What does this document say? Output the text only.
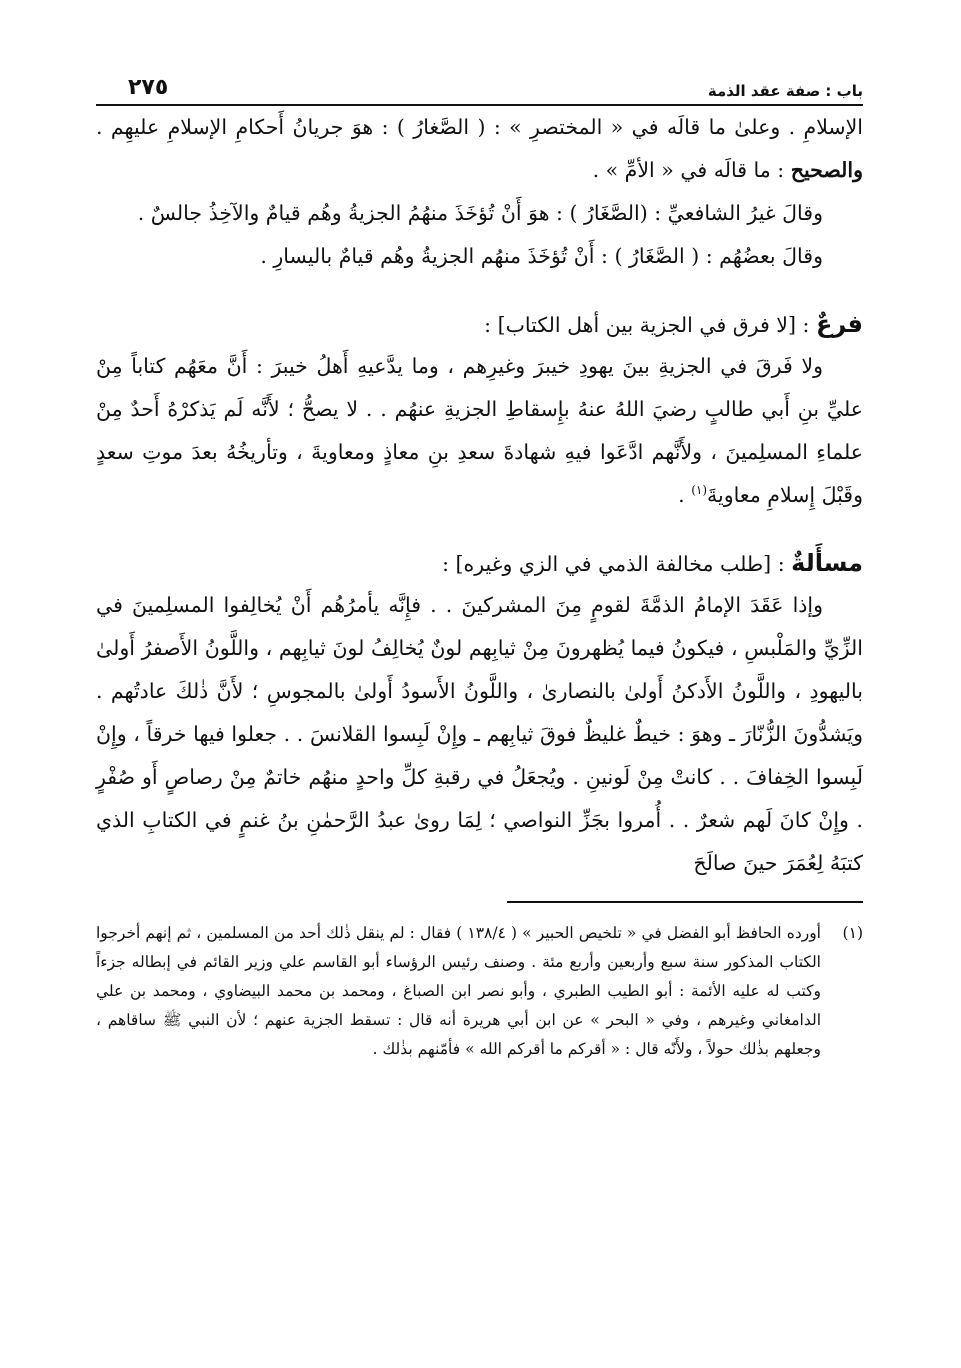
باب : صفة عقد الذمة
٢٧٥

الإسلامِ . وعلىٰ ما قالَه في « المختصرِ » : ( الصَّغارُ ) : هوَ جريانُ أَحكامِ الإسلامِ عليهِم . والصحيح : ما قالَه في « الأمِّ » .

وقالَ غيرُ الشافعيِّ : (الصَّغَارُ ) : هوَ أَنْ تُؤخَذَ منهُمُ الجزيةُ وهُم قيامٌ والآخِذُ جالسٌ .

وقالَ بعضُهُم : ( الصَّغَارُ ) : أَنْ تُؤخَذَ منهُم الجزيةُ وهُم قيامٌ باليسارِ .

فرعٌ : [لا فرق في الجزية بين أهل الكتاب] :

ولا فَرقَ في الجزيةِ بينَ يهودِ خيبرَ وغيرِهم ، وما يدَّعيهِ أَهلُ خيبرَ : أَنَّ معَهُم كتاباً مِنْ عليِّ بنِ أَبي طالبٍ رضيَ اللهُ عنهُ بإِسقاطِ الجزيةِ عنهُم . . لا يصحُّ ؛ لأَنَّه لَم يَذكرْهُ أَحدٌ مِنْ علماءِ المسلِمينَ ، ولأَنَّهم ادَّعَوا فيهِ شهادةَ سعدِ بنِ معاذٍ ومعاويةَ ، وتأريخُهُ بعدَ موتِ سعدٍ وقَبْلَ إِسلامِ معاويةَ$^{(١)}$ .

مسأَلةٌ : [طلب مخالفة الذمي في الزي وغيره] :

وإذا عَقَدَ الإمامُ الذمَّةَ لقومٍ مِنَ المشركينَ . . فإِنَّه يأمرُهُم أَنْ يُخالِفوا المسلِمينَ في الزِّيِّ والمَلْبسِ ، فيكونُ فيما يُظهرونَ مِنْ ثيابِهم لونٌ يُخالِفُ لونَ ثيابِهم ، واللَّونُ الأَصفرُ أَولىٰ باليهودِ ، واللَّونُ الأَدكنُ أَولىٰ بالنصارىٰ ، واللَّونُ الأَسودُ أَولىٰ بالمجوسِ ؛ لأَنَّ ذٰلكَ عادتُهم . ويَشدُّونَ الزُّنّارَ ـ وهوَ : خيطٌ غليظٌ فوقَ ثيابِهم ـ وإِنْ لَبِسوا القلانسَ . . جعلوا فيها خرقاً ، وإِنْ لَبِسوا الخِفافَ . . كانتْ مِنْ لَونينِ . ويُجعَلُ في رقبةِ كلِّ واحدٍ منهُم خاتمٌ مِنْ رصاصٍ أَو صُفْرٍ . وإِنْ كانَ لَهم شعرٌ . . أُمروا بجَزِّ النواصي ؛ لِمَا روىٰ عبدُ الرَّحمٰنِ بنُ غنمٍ في الكتابِ الذي كتبَهُ لِعُمَرَ حينَ صالَحَ

(١)
أورده الحافظ أبو الفضل في « تلخيص الحبير » ( ١٣٨/٤ ) فقال : لم ينقل ذٰلك أحد من المسلمين ، ثم إنهم أخرجوا الكتاب المذكور سنة سبع وأربعين وأربع مئة . وصنف رئيس الرؤساء أبو القاسم علي وزير القائم في إبطاله جزءاً وكتب له عليه الأئمة : أبو الطيب الطبري ، وأبو نصر ابن الصباغ ، ومحمد بن محمد البيضاوي ، ومحمد بن علي الدامغاني وغيرهم ، وفي « البحر » عن ابن أبي هريرة أنه قال : تسقط الجزية عنهم ؛ لأن النبي ﷺ ساقاهم ، وجعلهم بذٰلك حولاً ، ولأَنّه قال : « أقركم ما أقركم الله » فأمّنهم بذٰلك .
